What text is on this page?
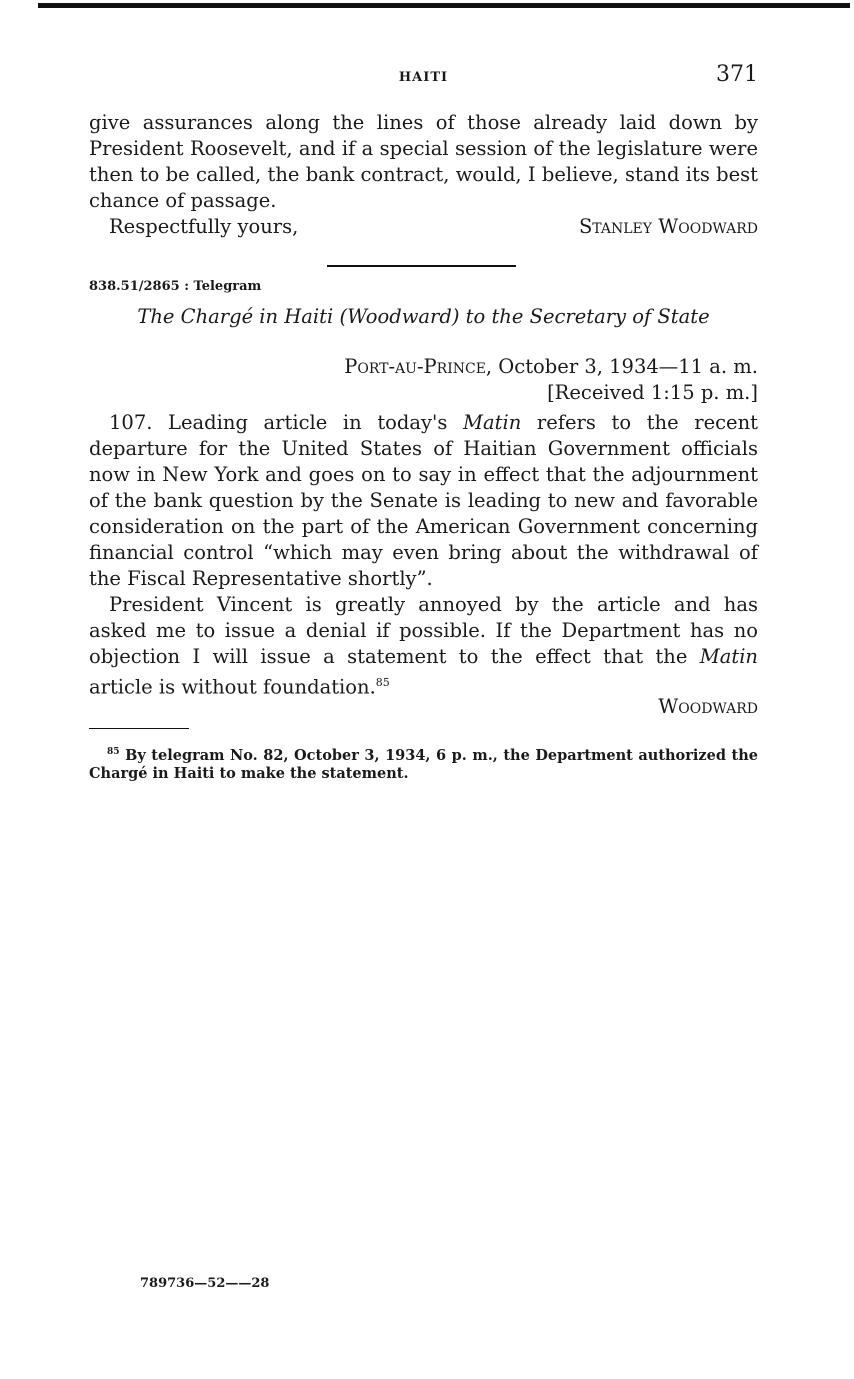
HAITI	371

give assurances along the lines of those already laid down by President Roosevelt, and if a special session of the legislature were then to be called, the bank contract, would, I believe, stand its best chance of passage.

Respectfully yours,	Stanley Woodward
838.51/2865 : Telegram
The Chargé in Haiti (Woodward) to the Secretary of State
Port-au-Prince, October 3, 1934—11 a. m.
[Received 1:15 p. m.]

107. Leading article in today's Matin refers to the recent departure for the United States of Haitian Government officials now in New York and goes on to say in effect that the adjournment of the bank question by the Senate is leading to new and favorable consideration on the part of the American Government concerning financial control “which may even bring about the withdrawal of the Fiscal Representative shortly”.

President Vincent is greatly annoyed by the article and has asked me to issue a denial if possible. If the Department has no objection I will issue a statement to the effect that the Matin article is without foundation.$^{85}$

Woodward
$^{85}$ By telegram No. 82, October 3, 1934, 6 p. m., the Department authorized the Chargé in Haiti to make the statement.
789736—52——28
